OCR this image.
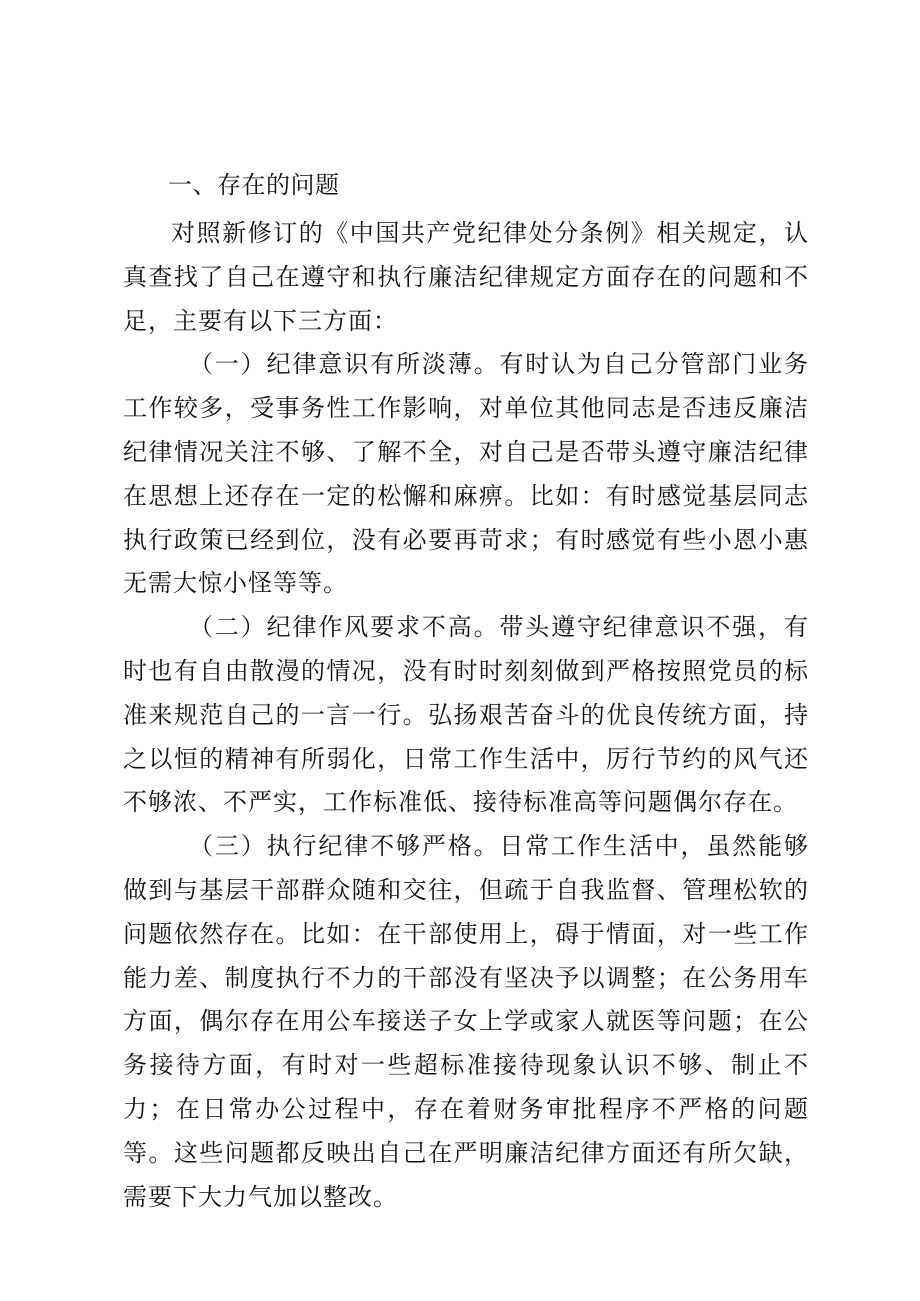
一、存在的问题

对照新修订的《中国共产党纪律处分条例》相关规定，认真查找了自己在遵守和执行廉洁纪律规定方面存在的问题和不足，主要有以下三方面：

（一）纪律意识有所淡薄。有时认为自己分管部门业务工作较多，受事务性工作影响，对单位其他同志是否违反廉洁纪律情况关注不够、了解不全，对自己是否带头遵守廉洁纪律在思想上还存在一定的松懈和麻痹。比如：有时感觉基层同志执行政策已经到位，没有必要再苛求；有时感觉有些小恩小惠无需大惊小怪等等。

（二）纪律作风要求不高。带头遵守纪律意识不强，有时也有自由散漫的情况，没有时时刻刻做到严格按照党员的标准来规范自己的一言一行。弘扬艰苦奋斗的优良传统方面，持之以恒的精神有所弱化，日常工作生活中，厉行节约的风气还不够浓、不严实，工作标准低、接待标准高等问题偶尔存在。

（三）执行纪律不够严格。日常工作生活中，虽然能够做到与基层干部群众随和交往，但疏于自我监督、管理松软的问题依然存在。比如：在干部使用上，碍于情面，对一些工作能力差、制度执行不力的干部没有坚决予以调整；在公务用车方面，偶尔存在用公车接送子女上学或家人就医等问题；在公务接待方面，有时对一些超标准接待现象认识不够、制止不力；在日常办公过程中，存在着财务审批程序不严格的问题等。这些问题都反映出自己在严明廉洁纪律方面还有所欠缺，需要下大力气加以整改。
